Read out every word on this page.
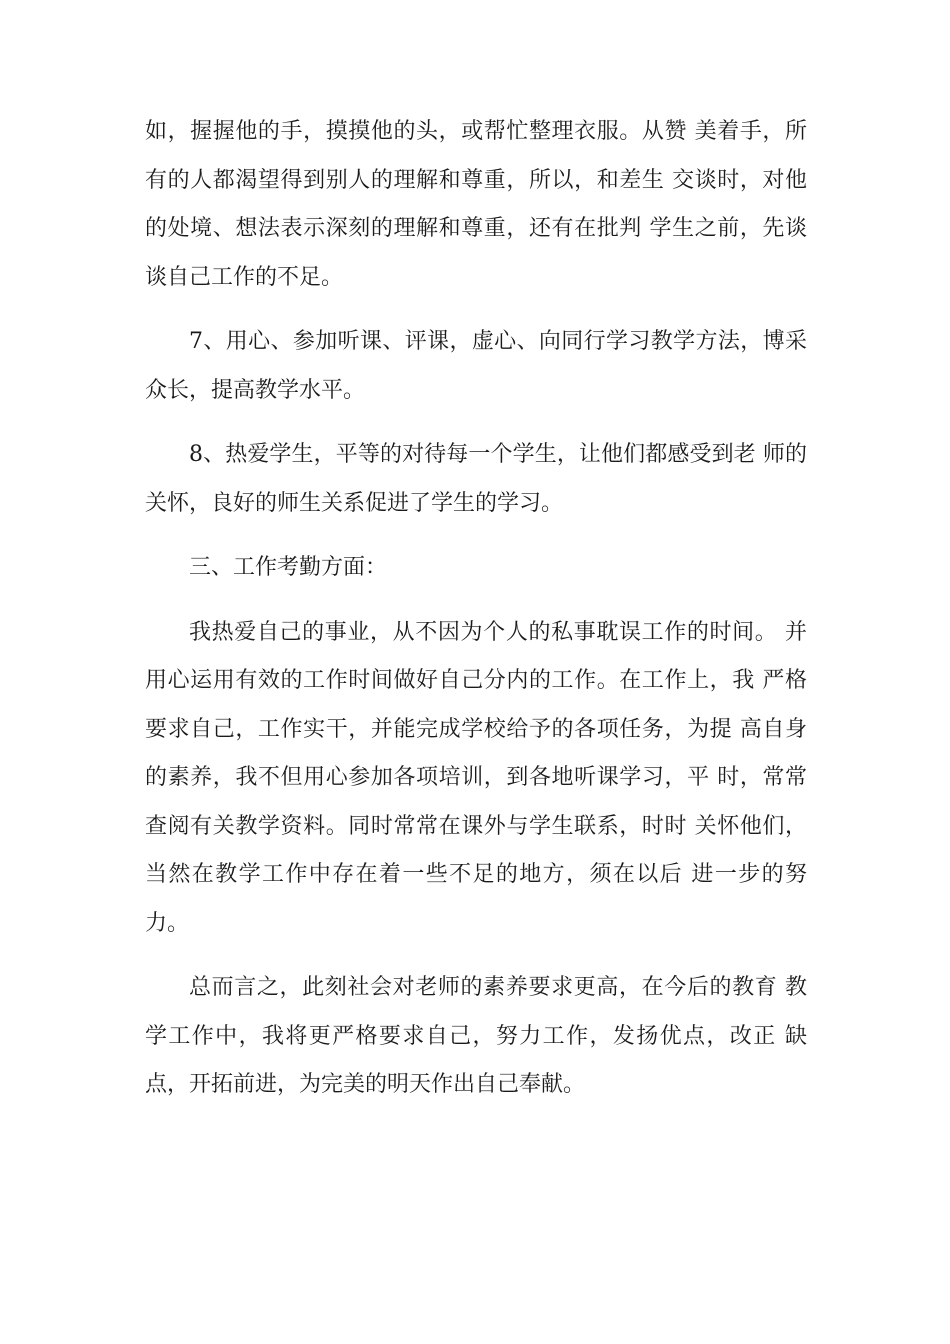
如，握握他的手，摸摸他的头，或帮忙整理衣服。从赞 美着手，所有的人都渴望得到别人的理解和尊重，所以，和差生 交谈时，对他的处境、想法表示深刻的理解和尊重，还有在批判 学生之前，先谈谈自己工作的不足。

7、用心、参加听课、评课，虚心、向同行学习教学方法，博采众长，提高教学水平。

8、热爱学生，平等的对待每一个学生，让他们都感受到老 师的关怀，良好的师生关系促进了学生的学习。

三、工作考勤方面：

我热爱自己的事业，从不因为个人的私事耽误工作的时间。 并用心运用有效的工作时间做好自己分内的工作。在工作上，我 严格要求自己，工作实干，并能完成学校给予的各项任务，为提 高自身的素养，我不但用心参加各项培训，到各地听课学习，平 时，常常查阅有关教学资料。同时常常在课外与学生联系，时时 关怀他们，当然在教学工作中存在着一些不足的地方，须在以后 进一步的努力。

总而言之，此刻社会对老师的素养要求更高，在今后的教育 教学工作中，我将更严格要求自己，努力工作，发扬优点，改正 缺点，开拓前进，为完美的明天作出自己奉献。
